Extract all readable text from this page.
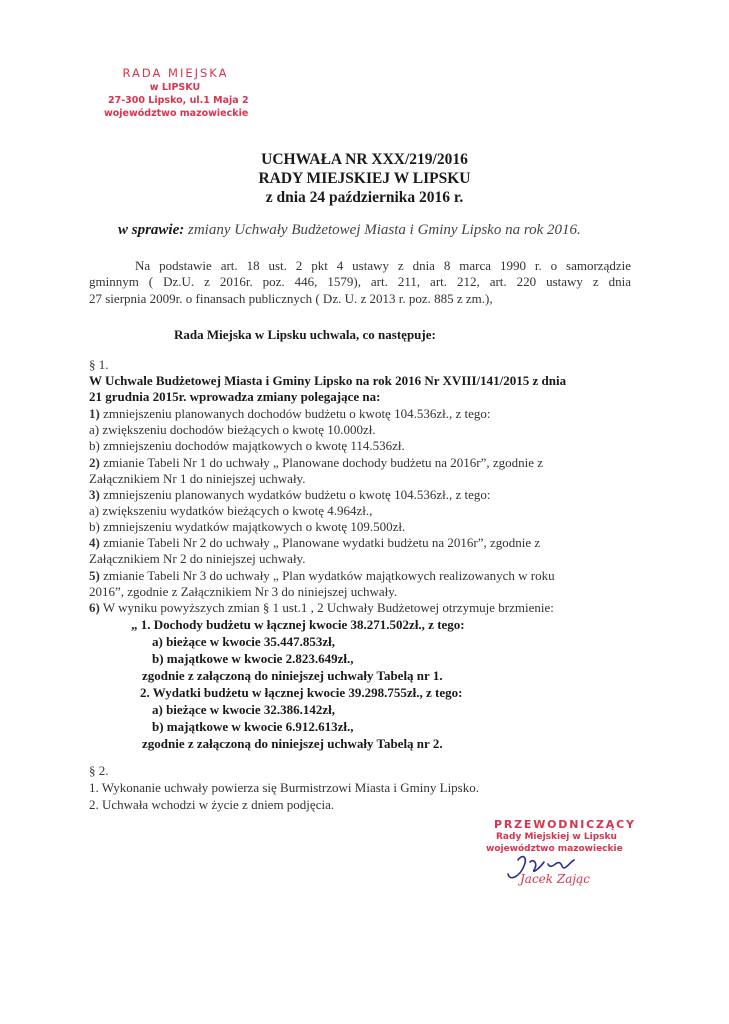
RADA MIEJSKA
w LIPSKU
27-300 Lipsko, ul.1 Maja 2
województwo mazowieckie
UCHWAŁA NR XXX/219/2016
RADY MIEJSKIEJ W LIPSKU
z dnia 24 października 2016 r.
w sprawie: zmiany Uchwały Budżetowej Miasta i Gminy Lipsko na rok 2016.
Na podstawie art. 18 ust. 2 pkt 4 ustawy z dnia 8 marca 1990 r. o samorządzie
gminnym ( Dz.U. z 2016r. poz. 446, 1579), art. 211, art. 212, art. 220 ustawy z dnia
27 sierpnia 2009r. o finansach publicznych ( Dz. U. z 2013 r. poz. 885 z zm.),
Rada Miejska w Lipsku uchwala, co następuje:
§ 1.
W Uchwale Budżetowej Miasta i Gminy Lipsko na rok 2016 Nr XVIII/141/2015 z dnia
21 grudnia 2015r. wprowadza zmiany polegające na:
1) zmniejszeniu planowanych dochodów budżetu o kwotę 104.536zł., z tego:
a) zwiększeniu dochodów bieżących o kwotę 10.000zł.
b) zmniejszeniu dochodów majątkowych o kwotę 114.536zł.
2) zmianie Tabeli Nr 1 do uchwały „ Planowane dochody budżetu na 2016r”, zgodnie z
Załącznikiem Nr 1 do niniejszej uchwały.
3) zmniejszeniu planowanych wydatków budżetu o kwotę 104.536zł., z tego:
a) zwiększeniu wydatków bieżących o kwotę 4.964zł.,
b) zmniejszeniu wydatków majątkowych o kwotę 109.500zł.
4) zmianie Tabeli Nr 2 do uchwały „ Planowane wydatki budżetu na 2016r”, zgodnie z
Załącznikiem Nr 2 do niniejszej uchwały.
5) zmianie Tabeli Nr 3 do uchwały „ Plan wydatków majątkowych realizowanych w roku
2016”, zgodnie z Załącznikiem Nr 3 do niniejszej uchwały.
6) W wyniku powyższych zmian § 1 ust.1 , 2 Uchwały Budżetowej otrzymuje brzmienie:
„ 1. Dochody budżetu w łącznej kwocie 38.271.502zł., z tego:
a) bieżące w kwocie 35.447.853zł,
b) majątkowe w kwocie 2.823.649zł.,
zgodnie z załączoną do niniejszej uchwały Tabelą nr 1.
2. Wydatki budżetu w łącznej kwocie 39.298.755zł., z tego:
a) bieżące w kwocie 32.386.142zł,
b) majątkowe w kwocie 6.912.613zł.,
zgodnie z załączoną do niniejszej uchwały Tabelą nr 2.
§ 2.
1. Wykonanie uchwały powierza się Burmistrzowi Miasta i Gminy Lipsko.
2. Uchwała wchodzi w życie z dniem podjęcia.
PRZEWODNICZĄCY
Rady Miejskiej w Lipsku
województwo mazowieckie
Jacek Zając
